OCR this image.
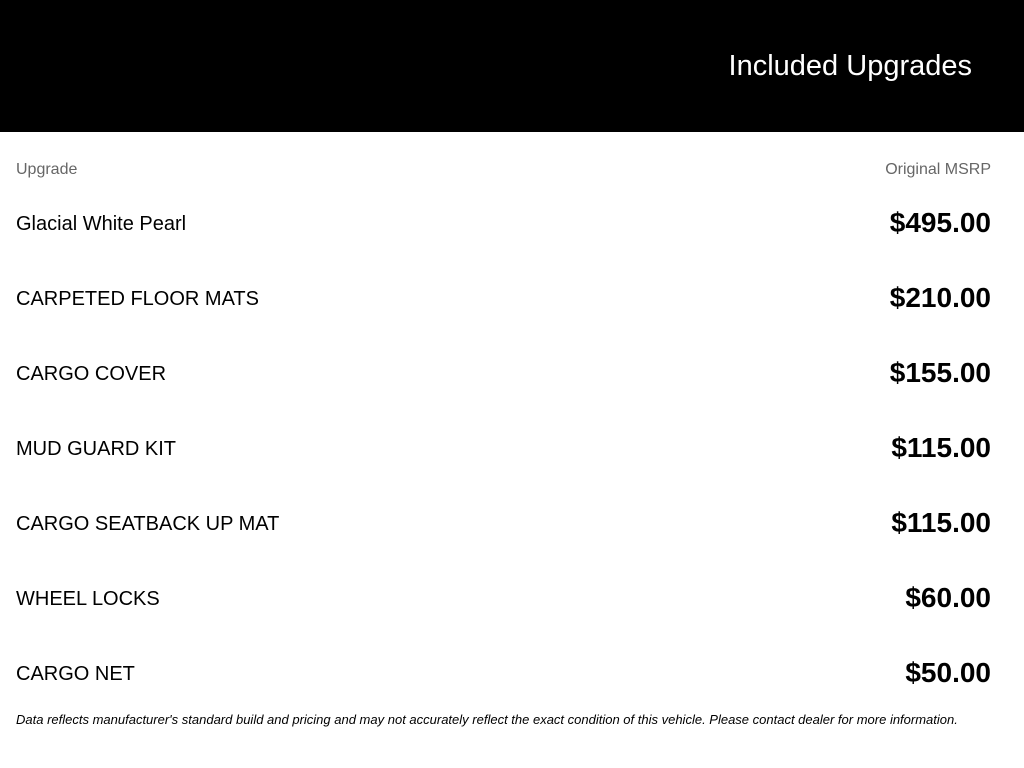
Included Upgrades
Upgrade	Original MSRP
Glacial White Pearl	$495.00
CARPETED FLOOR MATS	$210.00
CARGO COVER	$155.00
MUD GUARD KIT	$115.00
CARGO SEATBACK UP MAT	$115.00
WHEEL LOCKS	$60.00
CARGO NET	$50.00
Data reflects manufacturer's standard build and pricing and may not accurately reflect the exact condition of this vehicle. Please contact dealer for more information.
